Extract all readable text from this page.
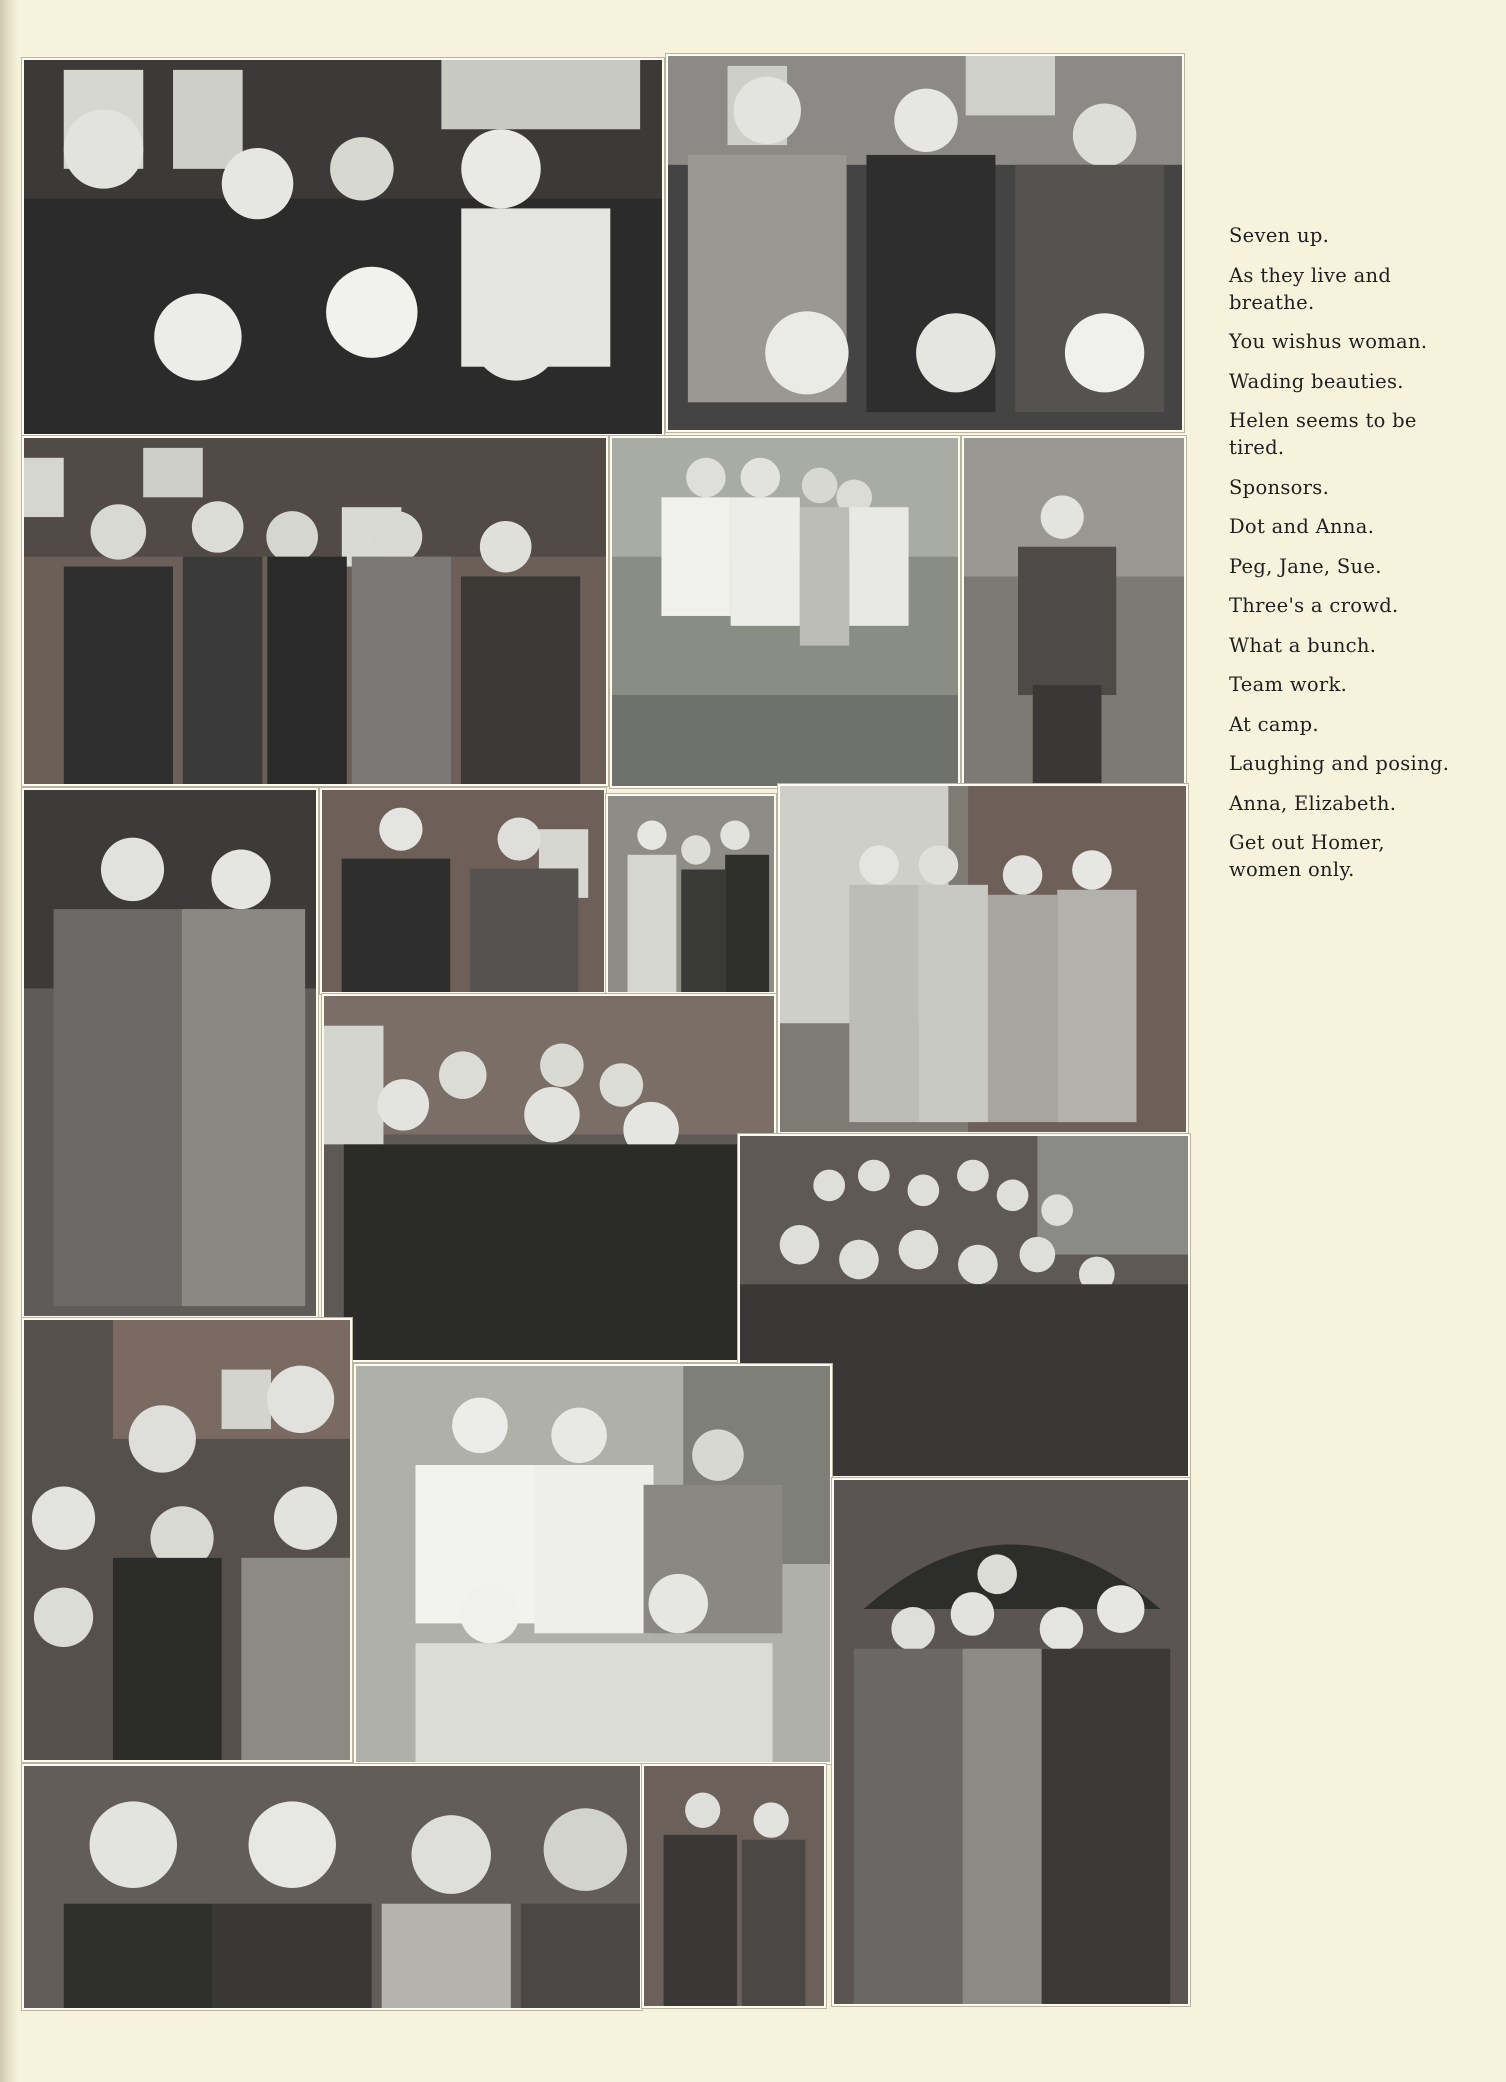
Seven up.
As they live and breathe.
You wishus woman.
Wading beauties.
Helen seems to be tired.
Sponsors.
Dot and Anna.
Peg, Jane, Sue.
Three's a crowd.
What a bunch.
Team work.
At camp.
Laughing and posing.
Anna, Elizabeth.
Get out Homer, women only.
